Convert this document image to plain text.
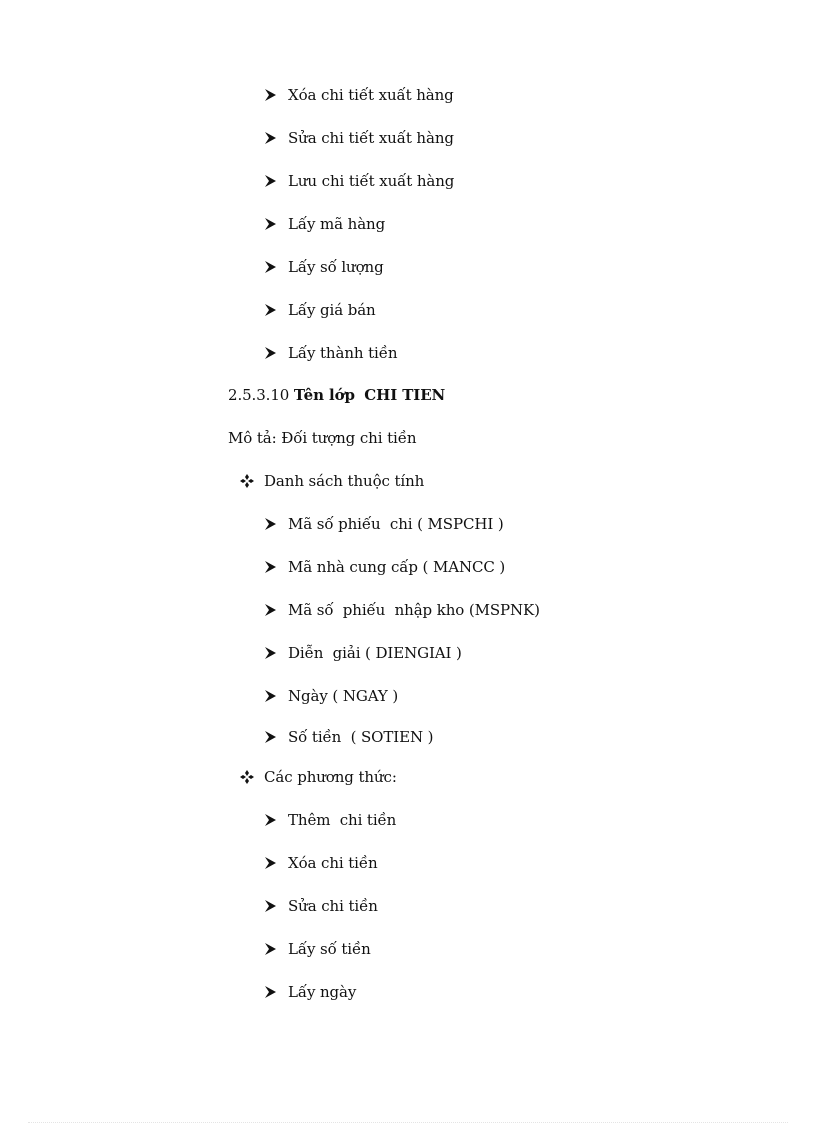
Xóa chi tiết xuất hàng
Sửa chi tiết xuất hàng
Lưu chi tiết xuất hàng
Lấy mã hàng
Lấy số lượng
Lấy giá bán
Lấy thành tiền
2.5.3.10 Tên lớp CHI TIEN
Mô tả: Đối tượng chi tiền
Danh sách thuộc tính
Mã số phiếu  chi ( MSPCHI )
Mã nhà cung cấp ( MANCC )
Mã số  phiếu  nhập kho (MSPNK)
Diễn  giải ( DIENGIAI )
Ngày ( NGAY )
Số tiền  ( SOTIEN )
Các phương thức:
Thêm  chi tiền
Xóa chi tiền
Sửa chi tiền
Lấy số tiền
Lấy ngày
